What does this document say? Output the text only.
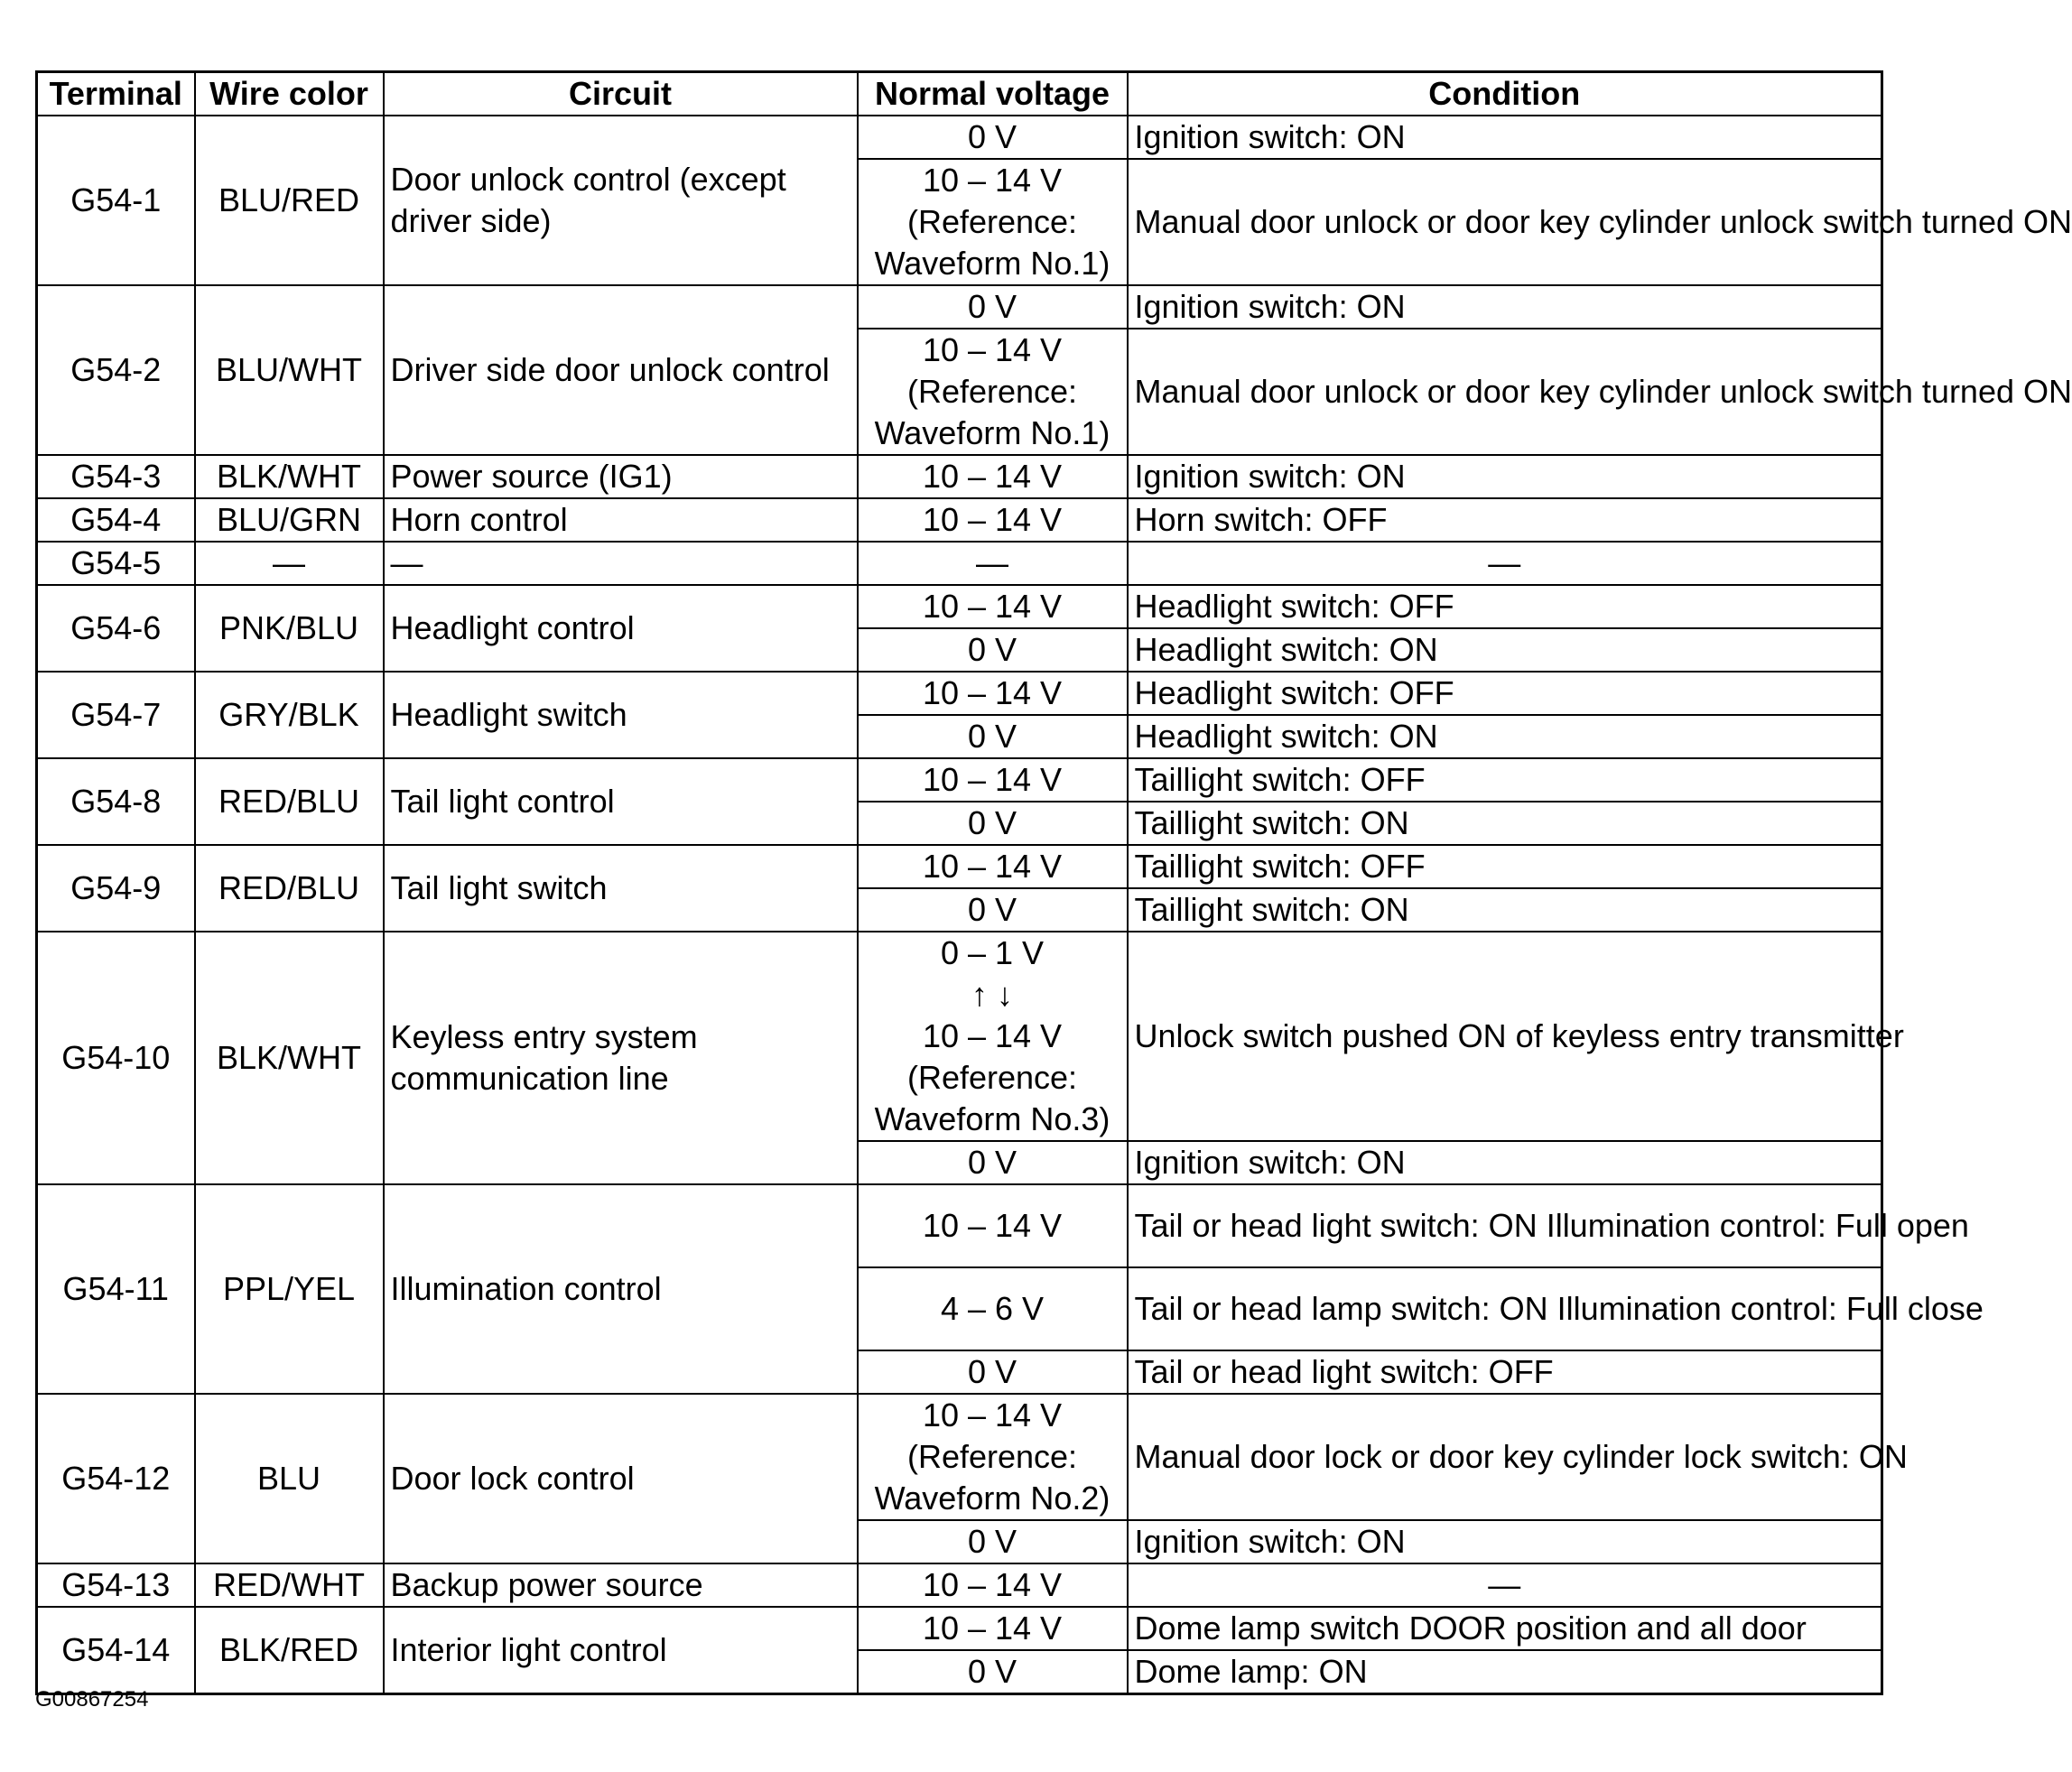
Terminal	Wire color	Circuit	Normal voltage	Condition
G54-1	BLU/RED	Door unlock control (except driver side)	0 V	Ignition switch: ON
			10 – 14 V
(Reference:
Waveform No.1)	Manual door unlock or door key cylinder unlock switch turned ON
G54-2	BLU/WHT	Driver side door unlock control	0 V	Ignition switch: ON
			10 – 14 V
(Reference:
Waveform No.1)	Manual door unlock or door key cylinder unlock switch turned ON
G54-3	BLK/WHT	Power source (IG1)	10 – 14 V	Ignition switch: ON
G54-4	BLU/GRN	Horn control	10 – 14 V	Horn switch: OFF
G54-5	—	—	—	—
G54-6	PNK/BLU	Headlight control	10 – 14 V	Headlight switch: OFF
			0 V	Headlight switch: ON
G54-7	GRY/BLK	Headlight switch	10 – 14 V	Headlight switch: OFF
			0 V	Headlight switch: ON
G54-8	RED/BLU	Tail light control	10 – 14 V	Taillight switch: OFF
			0 V	Taillight switch: ON
G54-9	RED/BLU	Tail light switch	10 – 14 V	Taillight switch: OFF
			0 V	Taillight switch: ON
G54-10	BLK/WHT	Keyless entry system communication line	0 – 1 V
↑ ↓
10 – 14 V
(Reference:
Waveform No.3)	Unlock switch pushed ON of keyless entry transmitter
			0 V	Ignition switch: ON
G54-11	PPL/YEL	Illumination control	10 – 14 V	Tail or head light switch: ON Illumination control: Full open
			4 – 6 V	Tail or head lamp switch: ON Illumination control: Full close
			0 V	Tail or head light switch: OFF
G54-12	BLU	Door lock control	10 – 14 V
(Reference:
Waveform No.2)	Manual door lock or door key cylinder lock switch: ON
			0 V	Ignition switch: ON
G54-13	RED/WHT	Backup power source	10 – 14 V	—
G54-14	BLK/RED	Interior light control	10 – 14 V	Dome lamp switch DOOR position and all door
			0 V	Dome lamp: ON
G00867254
